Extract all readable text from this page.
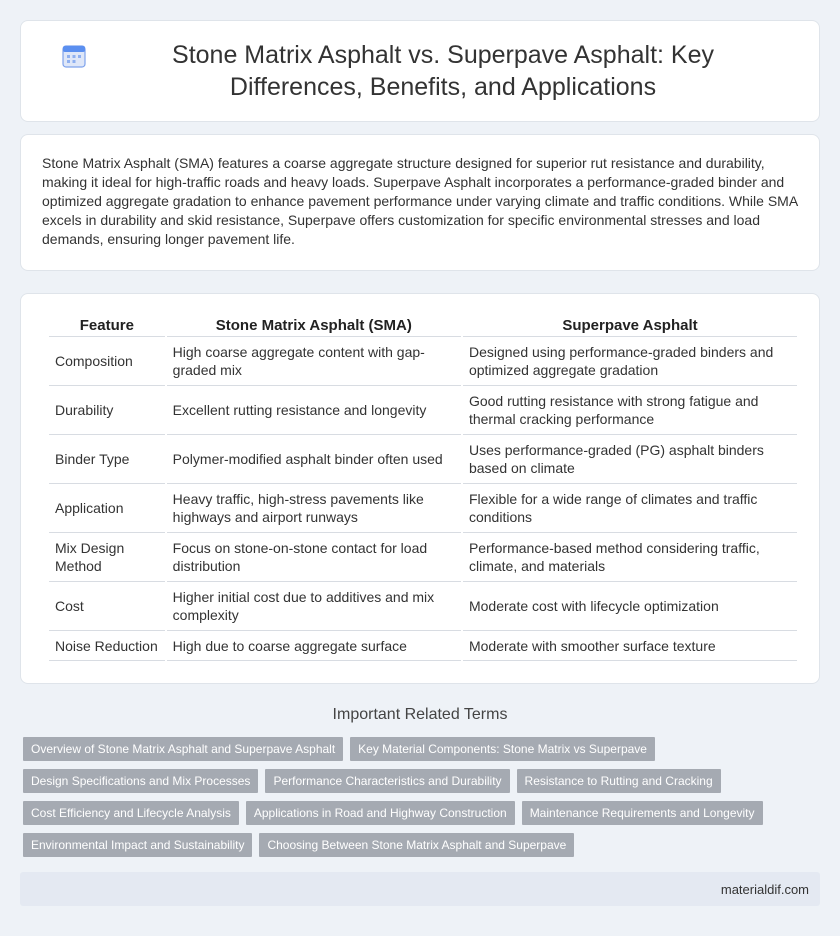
Stone Matrix Asphalt vs. Superpave Asphalt: Key Differences, Benefits, and Applications

Stone Matrix Asphalt (SMA) features a coarse aggregate structure designed for superior rut resistance and durability, making it ideal for high-traffic roads and heavy loads. Superpave Asphalt incorporates a performance-graded binder and optimized aggregate gradation to enhance pavement performance under varying climate and traffic conditions. While SMA excels in durability and skid resistance, Superpave offers customization for specific environmental stresses and load demands, ensuring longer pavement life.

Feature	Stone Matrix Asphalt (SMA)	Superpave Asphalt
Composition	High coarse aggregate content with gap-graded mix	Designed using performance-graded binders and optimized aggregate gradation
Durability	Excellent rutting resistance and longevity	Good rutting resistance with strong fatigue and thermal cracking performance
Binder Type	Polymer-modified asphalt binder often used	Uses performance-graded (PG) asphalt binders based on climate
Application	Heavy traffic, high-stress pavements like highways and airport runways	Flexible for a wide range of climates and traffic conditions
Mix Design Method	Focus on stone-on-stone contact for load distribution	Performance-based method considering traffic, climate, and materials
Cost	Higher initial cost due to additives and mix complexity	Moderate cost with lifecycle optimization
Noise Reduction	High due to coarse aggregate surface	Moderate with smoother surface texture
Important Related Terms
Overview of Stone Matrix Asphalt and Superpave Asphalt	Key Material Components: Stone Matrix vs Superpave
Design Specifications and Mix Processes	Performance Characteristics and Durability	Resistance to Rutting and Cracking
Cost Efficiency and Lifecycle Analysis	Applications in Road and Highway Construction	Maintenance Requirements and Longevity
Environmental Impact and Sustainability	Choosing Between Stone Matrix Asphalt and Superpave
materialdif.com
